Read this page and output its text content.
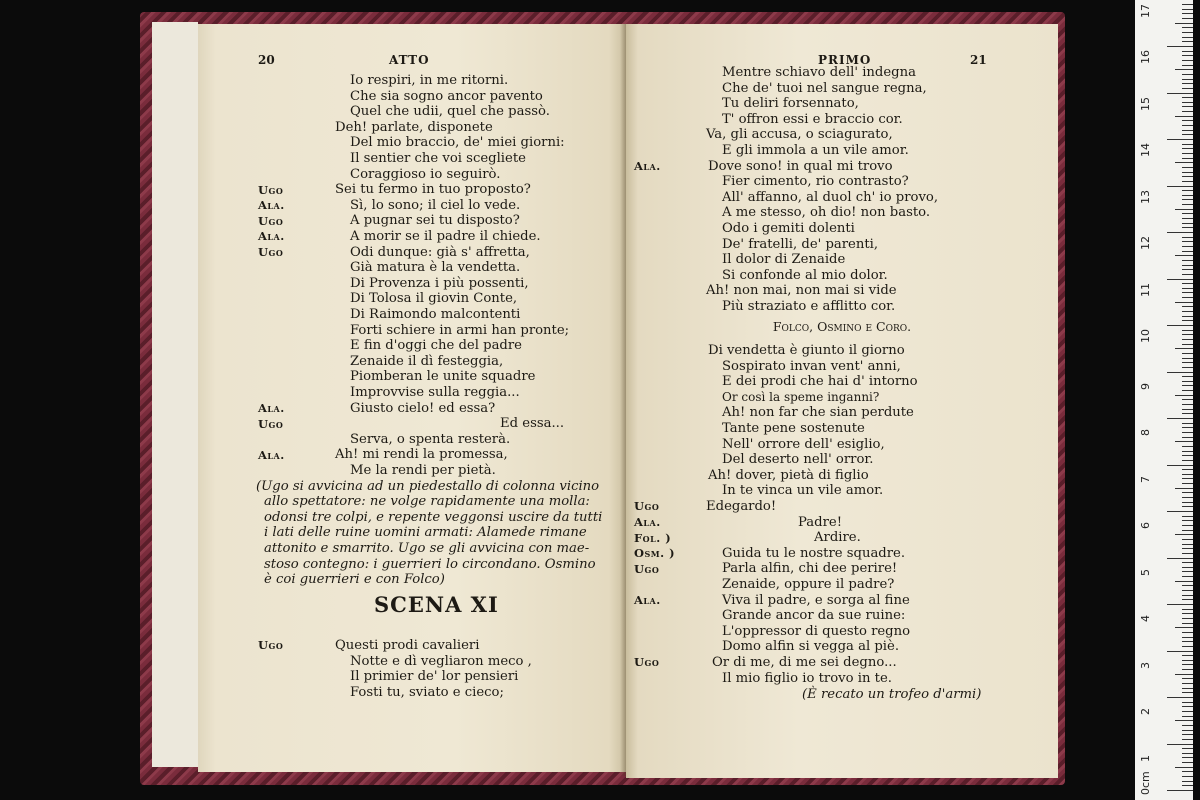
20	ATTO
Io respiri, in me ritorni.
Che sia sogno ancor pavento
Quel che udii, quel che passò.
Deh! parlate, disponete
Del mio braccio, de' miei giorni:
Il sentier che voi scegliete
Coraggioso io seguirò.
Ugo	Sei tu fermo in tuo proposto?
Ala.	Sì, lo sono; il ciel lo vede.
Ugo	A pugnar sei tu disposto?
Ala.	A morir se il padre il chiede.
Ugo	Odi dunque: già s' affretta,
Già matura è la vendetta.
Di Provenza i più possenti,
Di Tolosa il giovin Conte,
Di Raimondo malcontenti
Forti schiere in armi han pronte;
E fin d'oggi che del padre
Zenaide il dì festeggia,
Piomberan le unite squadre
Improvvise sulla reggia...
Ala.	Giusto cielo! ed essa?
Ugo	Ed essa...
Serva, o spenta resterà.
Ala.	Ah! mi rendi la promessa,
Me la rendi per pietà.
(Ugo si avvicina ad un piedestallo di colonna vicino
allo spettatore: ne volge rapidamente una molla:
odonsi tre colpi, e repente veggonsi uscire da tutti
i lati delle ruine uomini armati: Alamede rimane
attonito e smarrito. Ugo se gli avvicina con mae-
stoso contegno: i guerrieri lo circondano. Osmino
è coi guerrieri e con Folco)
SCENA XI
Ugo	Questi prodi cavalieri
Notte e dì vegliaron meco ,
Il primier de' lor pensieri
Fosti tu, sviato e cieco;
PRIMO	21
Mentre schiavo dell' indegna
Che de' tuoi nel sangue regna,
Tu deliri forsennato,
T' offron essi e braccio cor.
Va, gli accusa, o sciagurato,
E gli immola a un vile amor.
Ala.	Dove sono! in qual mi trovo
Fier cimento, rio contrasto?
All' affanno, al duol ch' io provo,
A me stesso, oh dio! non basto.
Odo i gemiti dolenti
De' fratelli, de' parenti,
Il dolor di Zenaide
Si confonde al mio dolor.
Ah! non mai, non mai si vide
Più straziato e afflitto cor.
Folco, Osmino e Coro.
Di vendetta è giunto il giorno
Sospirato invan vent' anni,
E dei prodi che hai d' intorno
Or così la speme inganni?
Ah! non far che sian perdute
Tante pene sostenute
Nell' orrore dell' esiglio,
Del deserto nell' orror.
Ah! dover, pietà di figlio
In te vinca un vile amor.
Ugo	Edegardo!
Ala.	Padre!
Fol. )	Ardire.
Osm. )	Guida tu le nostre squadre.
Ugo	Parla alfin, chi dee perire!
Zenaide, oppure il padre?
Ala.	Viva il padre, e sorga al fine
Grande ancor da sue ruine:
L'oppressor di questo regno
Domo alfin si vegga al piè.
Ugo	Or di me, di me sei degno...
Il mio figlio io trovo in te.
(È recato un trofeo d'armi)
0cm
1
2
3
4
5
6
7
8
9
10
11
12
13
14
15
16
17
